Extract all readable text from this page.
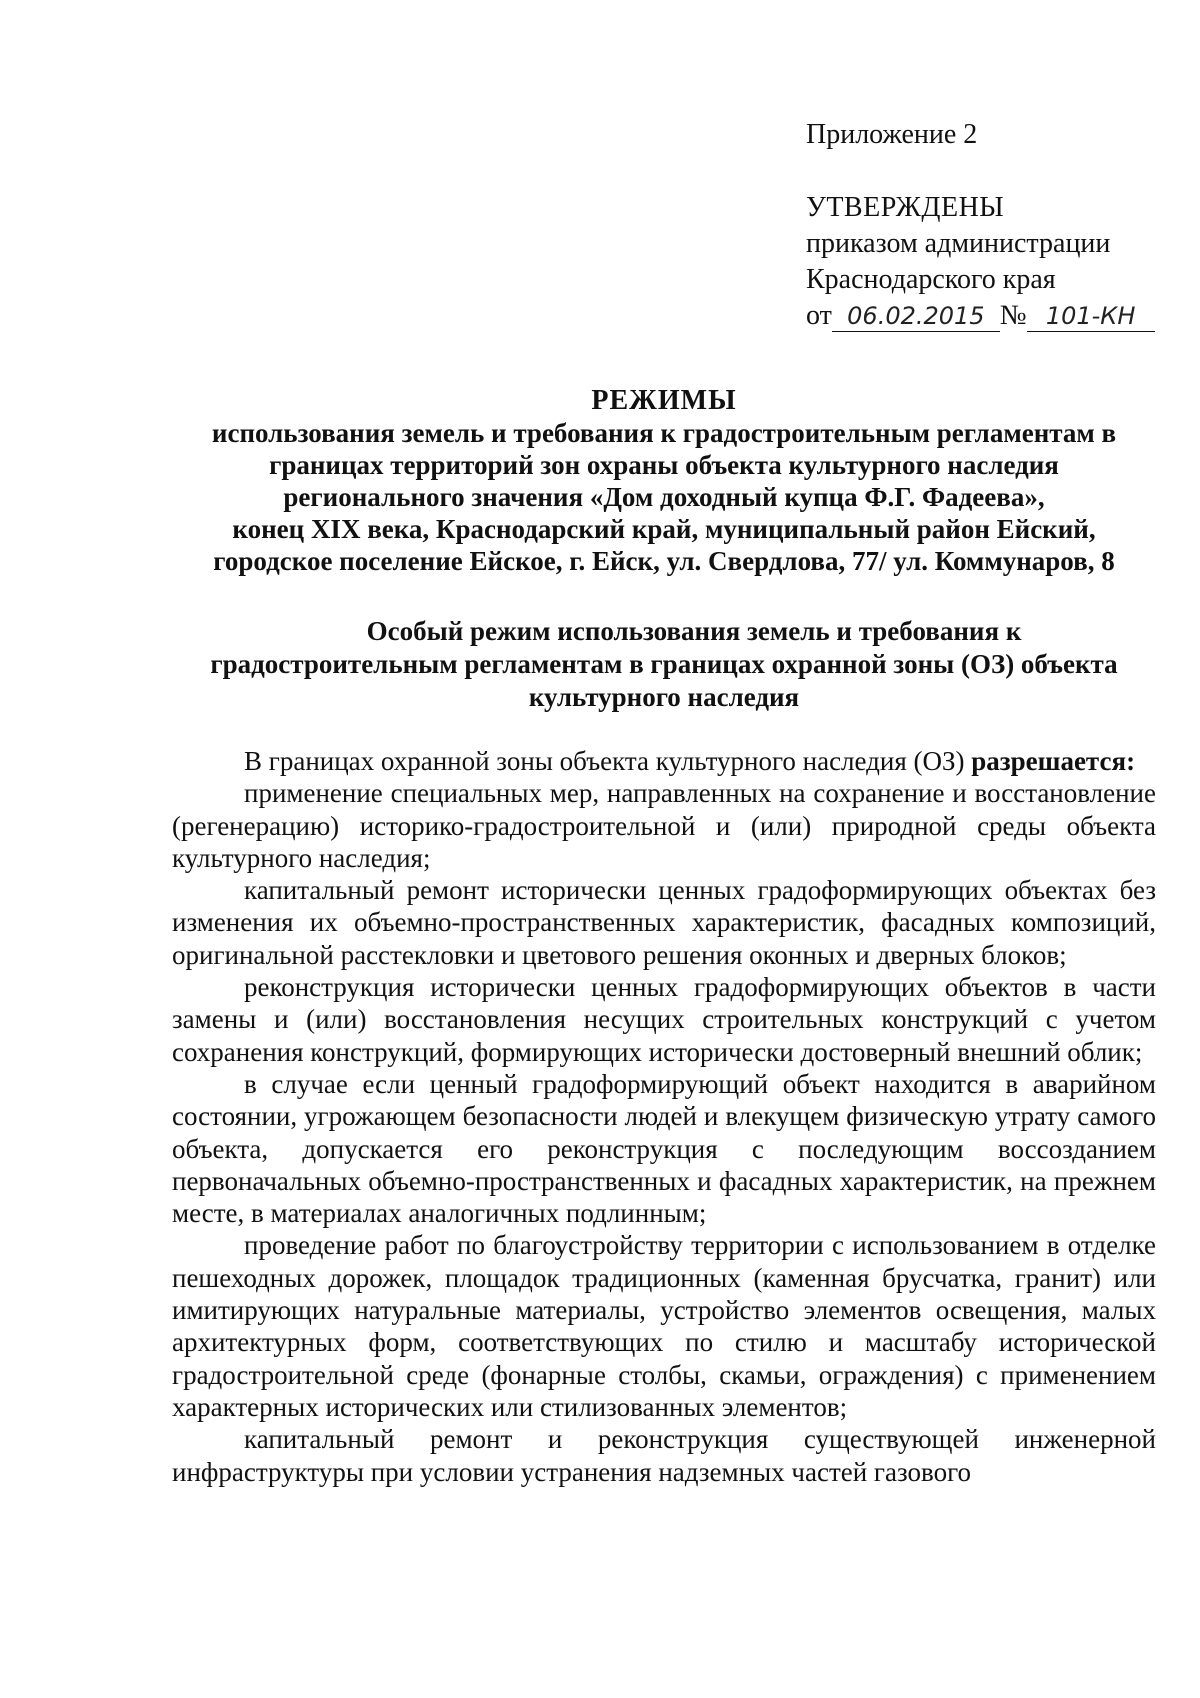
Приложение 2
УТВЕРЖДЕНЫ
приказом администрации
Краснодарского края
от 06.02.2015 № 101-КН
РЕЖИМЫ
использования земель и требования к градостроительным регламентам в
границах территорий зон охраны объекта культурного наследия
регионального значения «Дом доходный купца Ф.Г. Фадеева»,
конец XIX века, Краснодарский край, муниципальный район Ейский,
городское поселение Ейское, г. Ейск, ул. Свердлова, 77/ ул. Коммунаров, 8
Особый режим использования земель и требования к
градостроительным регламентам в границах охранной зоны (ОЗ) объекта
культурного наследия

В границах охранной зоны объекта культурного наследия (ОЗ) разрешается:

применение специальных мер, направленных на сохранение и восстановление (регенерацию) историко-градостроительной и (или) природной среды объекта культурного наследия;

капитальный ремонт исторически ценных градоформирующих объектах без изменения их объемно-пространственных характеристик, фасадных композиций, оригинальной расстекловки и цветового решения оконных и дверных блоков;

реконструкция исторически ценных градоформирующих объектов в части замены и (или) восстановления несущих строительных конструкций с учетом сохранения конструкций, формирующих исторически достоверный внешний облик;

в случае если ценный градоформирующий объект находится в аварийном состоянии, угрожающем безопасности людей и влекущем физическую утрату самого объекта, допускается его реконструкция с последующим воссозданием первоначальных объемно-пространственных и фасадных характеристик, на прежнем месте, в материалах аналогичных подлинным;

проведение работ по благоустройству территории с использованием в отделке пешеходных дорожек, площадок традиционных (каменная брусчатка, гранит) или имитирующих натуральные материалы, устройство элементов освещения, малых архитектурных форм, соответствующих по стилю и масштабу исторической градостроительной среде (фонарные столбы, скамьи, ограждения) с применением характерных исторических или стилизованных элементов;

капитальный ремонт и реконструкция существующей инженерной инфраструктуры при условии устранения надземных частей газового
